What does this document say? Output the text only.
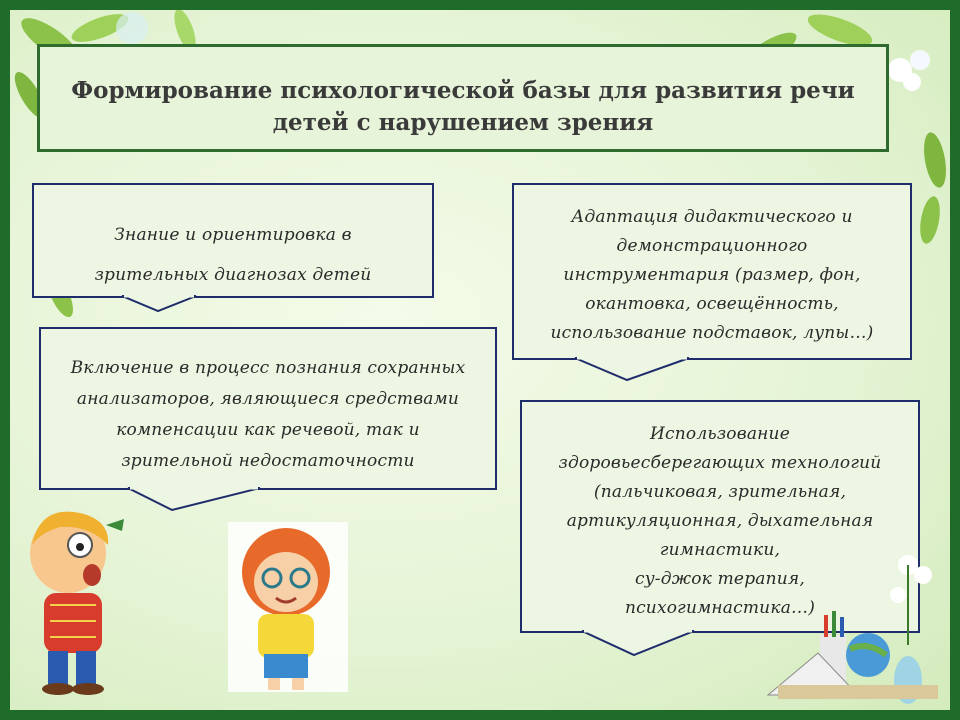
Формирование психологической базы для развития речи
детей с нарушением зрения
Знание и ориентировка в
зрительных диагнозах детей
Включение в процесс познания сохранных
анализаторов, являющиеся средствами
компенсации как речевой, так и
зрительной недостаточности
Адаптация дидактического и
демонстрационного
инструментария (размер, фон,
окантовка, освещённость,
использование подставок, лупы…)
Использование
здоровьесберегающих технологий
(пальчиковая, зрительная,
артикуляционная, дыхательная
гимнастики,
су-джок терапия,
психогимнастика…)
